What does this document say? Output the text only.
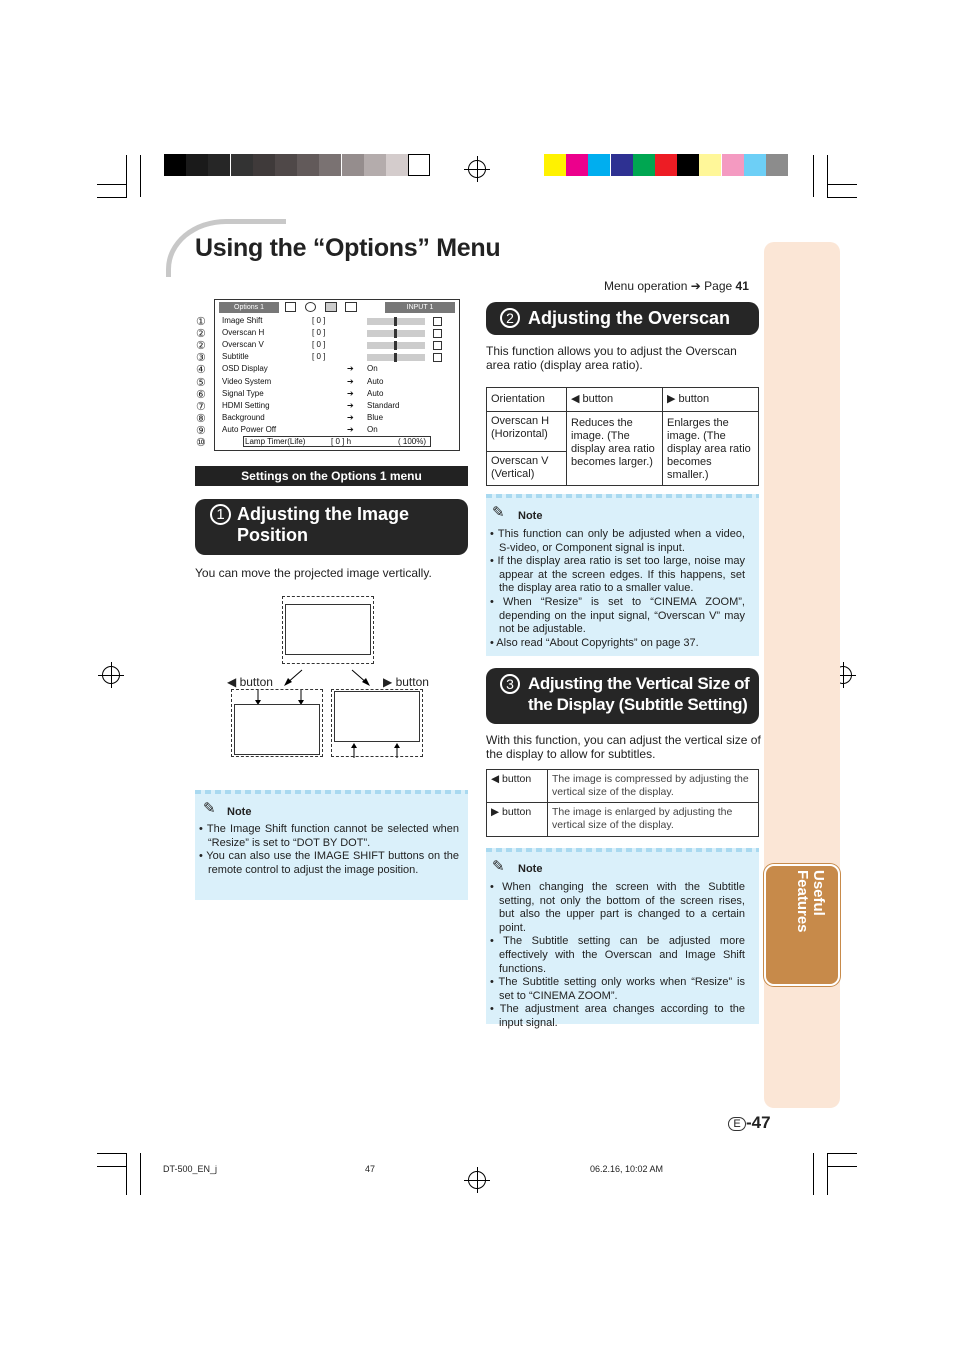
Useful Features
Using the “Options” Menu
Menu operation ➔ Page 41
①
②
②
③
④
⑤
⑥
⑦
⑧
⑨
⑩
Options 1	INPUT 1
Image Shift	[ 0 ]
Overscan H	[ 0 ]
Overscan V	[ 0 ]
Subtitle	[ 0 ]
OSD Display	➔ On
Video System	➔ Auto
Signal Type	➔ Auto
HDMI Setting	➔ Standard
Background	➔ Blue
Auto Power Off	➔ On
Lamp Timer(Life)	[ 0 ] h	( 100%)
Settings on the Options 1 menu
1 Adjusting the Image
Position
You can move the projected image vertically.
◀ button	▶ button
✎	Note
• The Image Shift function cannot be selected when “Resize” is set to “DOT BY DOT”.
• You can also use the IMAGE SHIFT buttons on the remote control to adjust the image position.
2 Adjusting the Overscan
This function allows you to adjust the Overscan area ratio (display area ratio).
Orientation	◀ button	▶ button
Overscan H (Horizontal)	Reduces the image. (The display area ratio becomes larger.)	Enlarges the image. (The display area ratio becomes smaller.)
Overscan V (Vertical)		
✎	Note
• This function can only be adjusted when a video, S-video, or Component signal is input.
• If the display area ratio is set too large, noise may appear at the screen edges. If this happens, set the display area ratio to a smaller value.
• When “Resize” is set to “CINEMA ZOOM”, depending on the input signal, “Overscan V” may not be adjustable.
• Also read “About Copyrights” on page 37.
3 Adjusting the Vertical Size of
the Display (Subtitle Setting)
With this function, you can adjust the vertical size of the display to allow for subtitles.
◀ button	The image is compressed by adjusting the vertical size of the display.
▶ button	The image is enlarged by adjusting the vertical size of the display.
✎	Note
• When changing the screen with the Subtitle setting, not only the bottom of the screen rises, but also the upper part is changed to a certain point.
• The Subtitle setting can be adjusted more effectively with the Overscan and Image Shift functions.
• The Subtitle setting only works when “Resize” is set to “CINEMA ZOOM”.
• The adjustment area changes according to the input signal.
E -47
DT-500_EN_j	47	06.2.16, 10:02 AM
